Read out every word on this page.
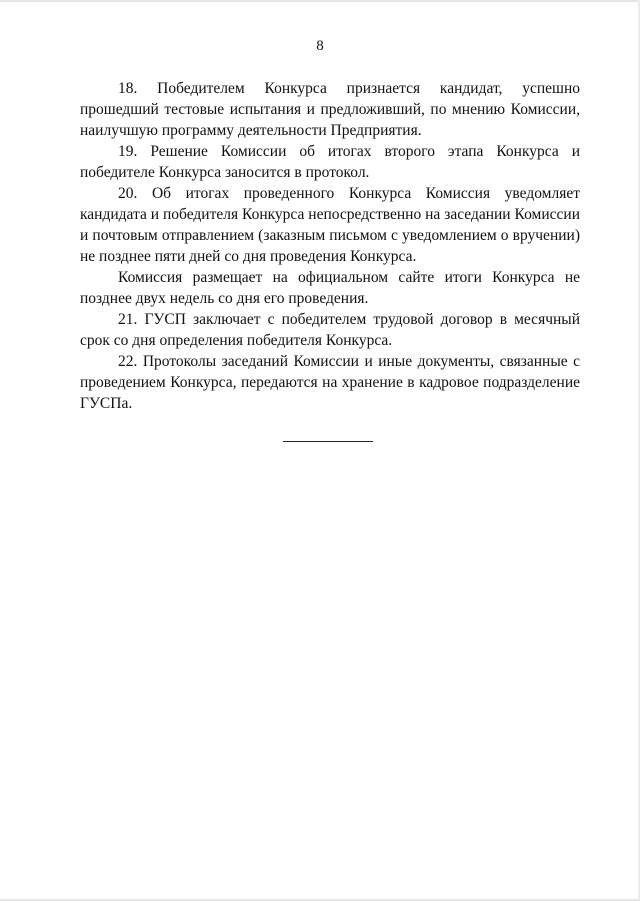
8

18. Победителем Конкурса признается кандидат, успешно прошедший тестовые испытания и предложивший, по мнению Комиссии, наилучшую программу деятельности Предприятия.

19. Решение Комиссии об итогах второго этапа Конкурса и победителе Конкурса заносится в протокол.

20. Об итогах проведенного Конкурса Комиссия уведомляет кандидата и победителя Конкурса непосредственно на заседании Комиссии и почтовым отправлением (заказным письмом с уведомлением о вручении) не позднее пяти дней со дня проведения Конкурса.

Комиссия размещает на официальном сайте итоги Конкурса не позднее двух недель со дня его проведения.

21. ГУСП заключает с победителем трудовой договор в месячный срок со дня определения победителя Конкурса.

22. Протоколы заседаний Комиссии и иные документы, связанные с проведением Конкурса, передаются на хранение в кадровое подразделение ГУСПа.
